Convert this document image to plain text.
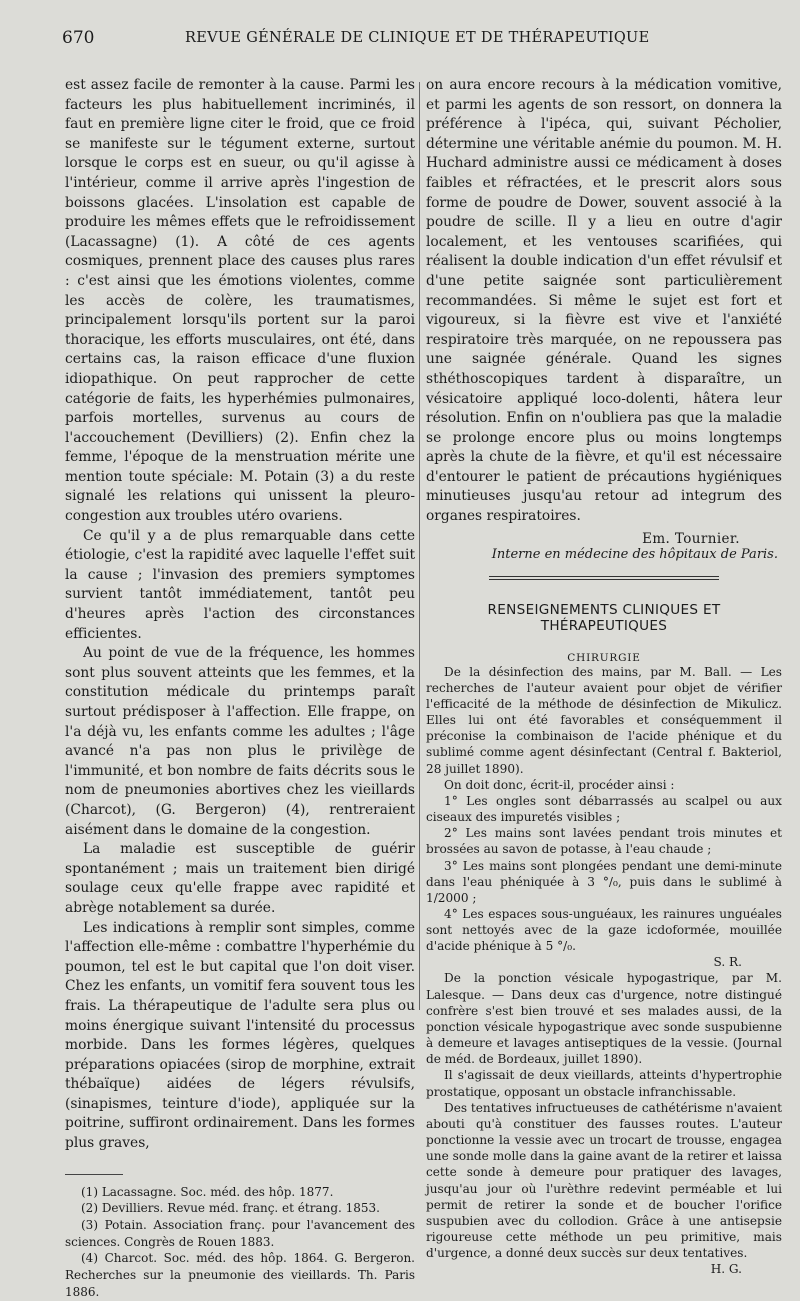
670	REVUE GÉNÉRALE DE CLINIQUE ET DE THÉRAPEUTIQUE

est assez facile de remonter à la cause. Parmi les facteurs les plus habituellement incriminés, il faut en première ligne citer le froid, que ce froid se manifeste sur le tégument externe, surtout lorsque le corps est en sueur, ou qu'il agisse à l'intérieur, comme il arrive après l'ingestion de boissons glacées. L'insolation est capable de produire les mêmes effets que le refroidissement (Lacassagne) (1). A côté de ces agents cosmiques, prennent place des causes plus rares : c'est ainsi que les émotions violentes, comme les accès de colère, les traumatismes, principalement lorsqu'ils portent sur la paroi thoracique, les efforts musculaires, ont été, dans certains cas, la raison efficace d'une fluxion idiopathique. On peut rapprocher de cette catégorie de faits, les hyperhémies pulmonaires, parfois mortelles, survenus au cours de l'accouchement (Devilliers) (2). Enfin chez la femme, l'époque de la menstruation mérite une mention toute spéciale: M. Potain (3) a du reste signalé les relations qui unissent la pleuro-congestion aux troubles utéro ovariens.

Ce qu'il y a de plus remarquable dans cette étiologie, c'est la rapidité avec laquelle l'effet suit la cause ; l'invasion des premiers symptomes survient tantôt immédiatement, tantôt peu d'heures après l'action des circonstances efficientes.

Au point de vue de la fréquence, les hommes sont plus souvent atteints que les femmes, et la constitution médicale du printemps paraît surtout prédisposer à l'affection. Elle frappe, on l'a déjà vu, les enfants comme les adultes ; l'âge avancé n'a pas non plus le privilège de l'immunité, et bon nombre de faits décrits sous le nom de pneumonies abortives chez les vieillards (Charcot), (G. Bergeron) (4), rentreraient aisément dans le domaine de la congestion.

La maladie est susceptible de guérir spontanément ; mais un traitement bien dirigé soulage ceux qu'elle frappe avec rapidité et abrège notablement sa durée.

Les indications à remplir sont simples, comme l'affection elle-même : combattre l'hyperhémie du poumon, tel est le but capital que l'on doit viser. Chez les enfants, un vomitif fera souvent tous les frais. La thérapeutique de l'adulte sera plus ou moins énergique suivant l'intensité du processus morbide. Dans les formes légères, quelques préparations opiacées (sirop de morphine, extrait thébaïque) aidées de légers révulsifs, (sinapismes, teinture d'iode), appliquée sur la poitrine, suffiront ordinairement. Dans les formes plus graves,

(1) Lacassagne. Soc. méd. des hôp. 1877.

(2) Devilliers. Revue méd. franç. et étrang. 1853.

(3) Potain. Association franç. pour l'avancement des sciences. Congrès de Rouen 1883.

(4) Charcot. Soc. méd. des hôp. 1864. G. Bergeron. Recherches sur la pneumonie des vieillards. Th. Paris 1886.

on aura encore recours à la médication vomitive, et parmi les agents de son ressort, on donnera la préférence à l'ipéca, qui, suivant Pécholier, détermine une véritable anémie du poumon. M. H. Huchard administre aussi ce médicament à doses faibles et réfractées, et le prescrit alors sous forme de poudre de Dower, souvent associé à la poudre de scille. Il y a lieu en outre d'agir localement, et les ventouses scarifiées, qui réalisent la double indication d'un effet révulsif et d'une petite saignée sont particulièrement recommandées. Si même le sujet est fort et vigoureux, si la fièvre est vive et l'anxiété respiratoire très marquée, on ne repoussera pas une saignée générale. Quand les signes sthéthoscopiques tardent à disparaître, un vésicatoire appliqué loco-dolenti, hâtera leur résolution. Enfin on n'oubliera pas que la maladie se prolonge encore plus ou moins longtemps après la chute de la fièvre, et qu'il est nécessaire d'entourer le patient de précautions hygiéniques minutieuses jusqu'au retour ad integrum des organes respiratoires.

Em. Tournier.

Interne en médecine des hôpitaux de Paris.

RENSEIGNEMENTS CLINIQUES ET THÉRAPEUTIQUES

CHIRURGIE

De la désinfection des mains, par M. Ball. — Les recherches de l'auteur avaient pour objet de vérifier l'efficacité de la méthode de désinfection de Mikulicz. Elles lui ont été favorables et conséquemment il préconise la combinaison de l'acide phénique et du sublimé comme agent désinfectant (Central f. Bakteriol, 28 juillet 1890).

On doit donc, écrit-il, procéder ainsi :

1° Les ongles sont débarrassés au scalpel ou aux ciseaux des impuretés visibles ;

2° Les mains sont lavées pendant trois minutes et brossées au savon de potasse, à l'eau chaude ;

3° Les mains sont plongées pendant une demi-minute dans l'eau phéniquée à 3 °/₀, puis dans le sublimé à 1/2000 ;

4° Les espaces sous-unguéaux, les rainures unguéales sont nettoyés avec de la gaze icdoformée, mouillée d'acide phénique à 5 °/₀.

S. R.

De la ponction vésicale hypogastrique, par M. Lalesque. — Dans deux cas d'urgence, notre distingué confrère s'est bien trouvé et ses malades aussi, de la ponction vésicale hypogastrique avec sonde suspubienne à demeure et lavages antiseptiques de la vessie. (Journal de méd. de Bordeaux, juillet 1890).

Il s'agissait de deux vieillards, atteints d'hypertrophie prostatique, opposant un obstacle infranchissable.

Des tentatives infructueuses de cathétérisme n'avaient abouti qu'à constituer des fausses routes. L'auteur ponctionne la vessie avec un trocart de trousse, engagea une sonde molle dans la gaine avant de la retirer et laissa cette sonde à demeure pour pratiquer des lavages, jusqu'au jour où l'urèthre redevint perméable et lui permit de retirer la sonde et de boucher l'orifice suspubien avec du collodion. Grâce à une antisepsie rigoureuse cette méthode un peu primitive, mais d'urgence, a donné deux succès sur deux tentatives.

H. G.
